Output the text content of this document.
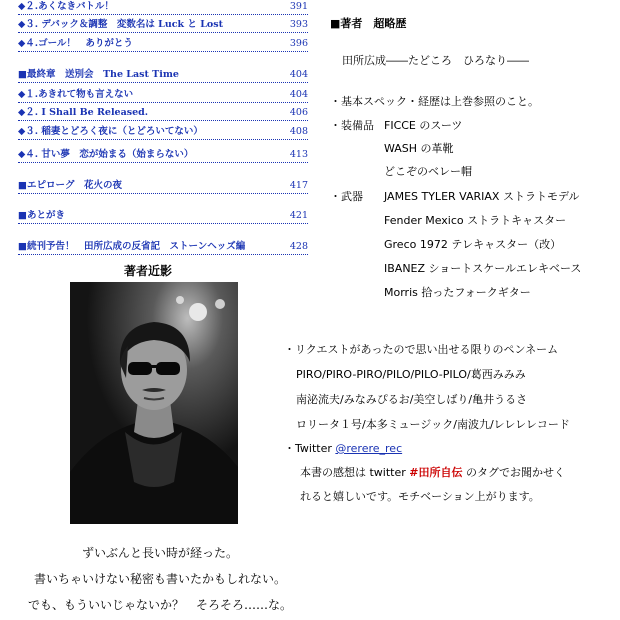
◆２.あくなきバトル！	391
◆３. デバック＆調整　変数名は Luck と Lost	393
◆４.ゴール！　ありがとう	396
■最終章　送別会　The Last Time	404
◆１.あきれて物も言えない	404
◆２. I Shall Be Released.	406
◆３. 稲妻とどろく夜に（とどろいてない）	408
◆４. 甘い夢　恋が始まる（始まらない）	413
■エピローグ　花火の夜	417
■あとがき	421
■続刊予告！　田所広成の反省記　ストーンヘッズ編	428
著者近影
ずいぶんと長い時が経った。
書いちゃいけない秘密も書いたかもしれない。
でも、もういいじゃないか？　そろそろ……な。
■著者　超略歴
田所広成――たどころ　ひろなり――
・基本スペック・経歴は上巻参照のこと。
・装備品 FICCE のスーツ
WASH の革靴
どこぞのベレー帽
・武器 JAMES TYLER VARIAX ストラトモデル
Fender Mexico ストラトキャスター
Greco 1972 テレキャスター（改）
IBANEZ ショートスケールエレキベース
Morris 拾ったフォークギター
・リクエストがあったので思い出せる限りのペンネーム
PIRO/PIRO-PIRO/PILO/PILO-PILO/葛西みみみ
南泌流夫/みなみぴるお/美空しばり/亀井うるさ
ロリータ１号/本多ミュージック/南波九/レレレレコード
・Twitter @rerere_rec
本書の感想は twitter #田所自伝 のタグでお聞かせく
れると嬉しいです。モチベーション上がります。
